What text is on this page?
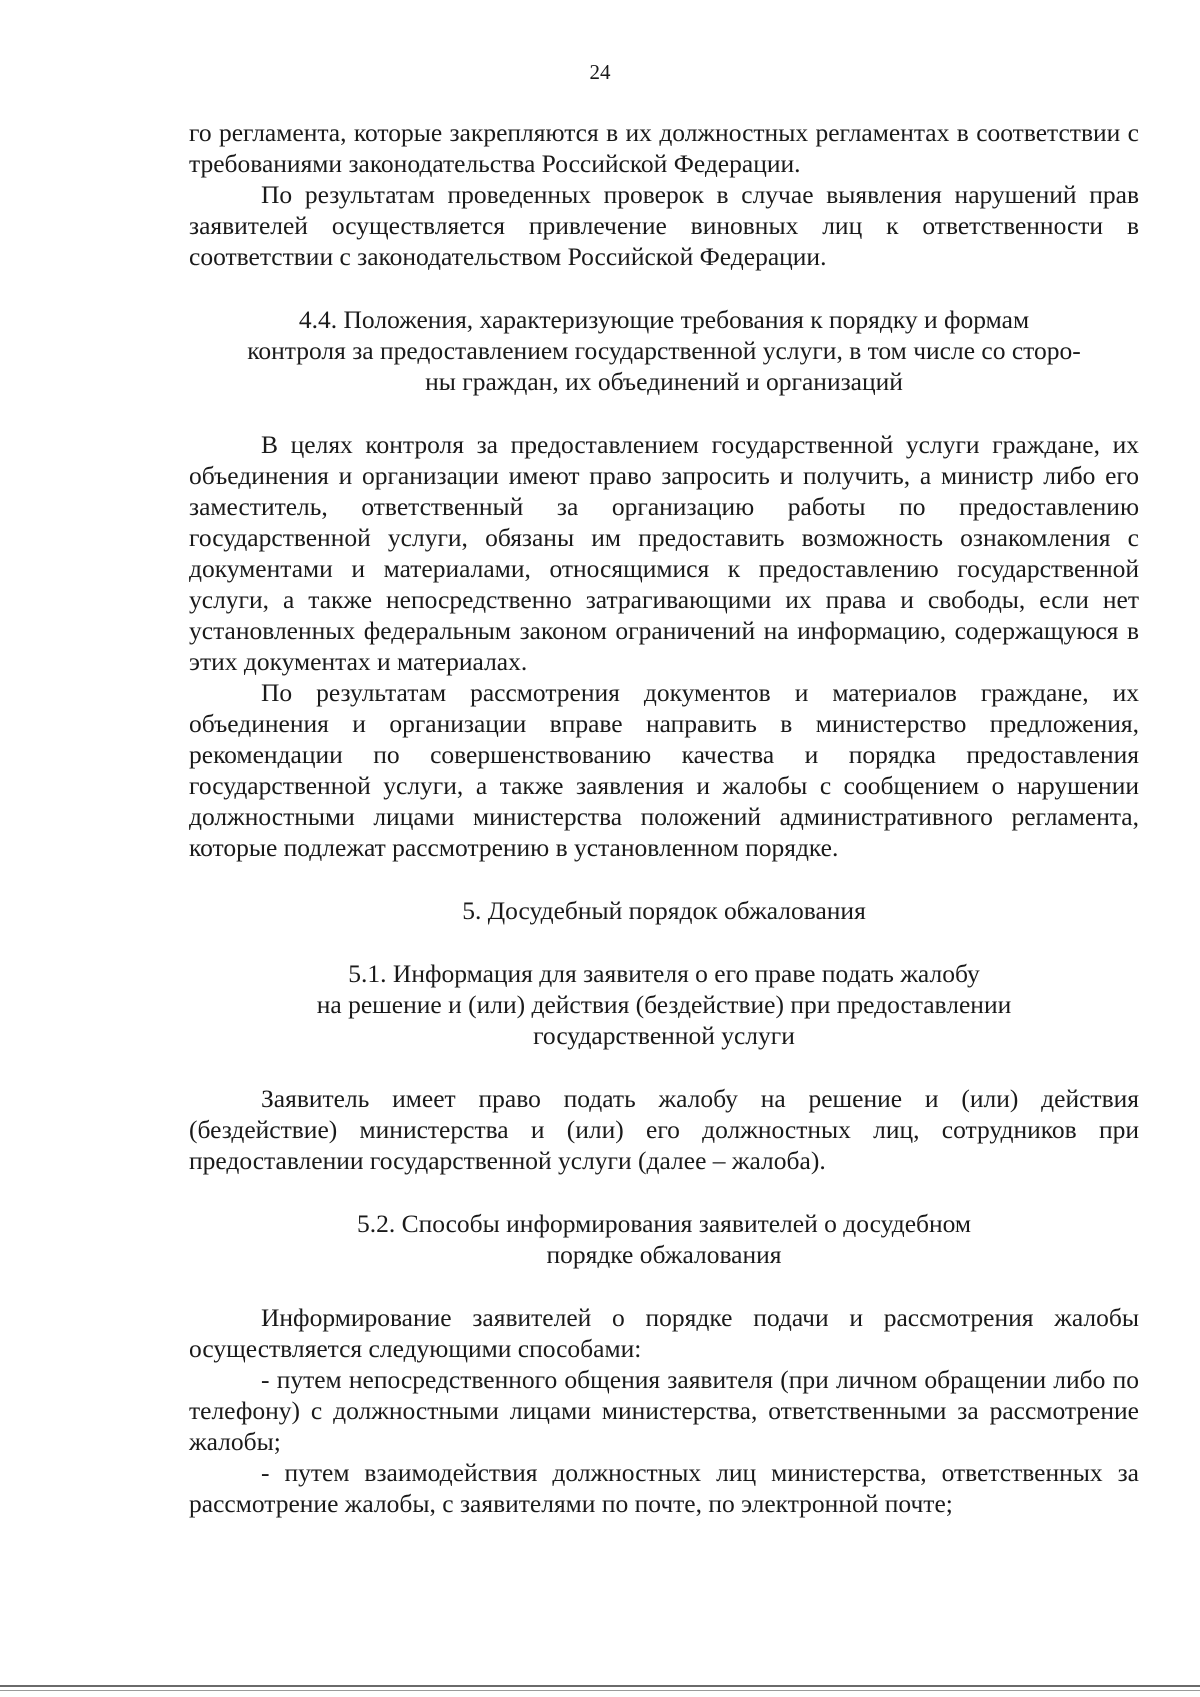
24

го регламента, которые закрепляются в их должностных регламентах в соответствии с требованиями законодательства Российской Федерации.

По результатам проведенных проверок в случае выявления нарушений прав заявителей осуществляется привлечение виновных лиц к ответственности в соответствии с законодательством Российской Федерации.

4.4. Положения, характеризующие требования к порядку и формам
контроля за предоставлением государственной услуги, в том числе со сторо-
ны граждан, их объединений и организаций

В целях контроля за предоставлением государственной услуги граждане, их объединения и организации имеют право запросить и получить, а министр либо его заместитель, ответственный за организацию работы по предоставлению государственной услуги, обязаны им предоставить возможность ознакомления с документами и материалами, относящимися к предоставлению государственной услуги, а также непосредственно затрагивающими их права и свободы, если нет установленных федеральным законом ограничений на информацию, содержащуюся в этих документах и материалах.

По результатам рассмотрения документов и материалов граждане, их объединения и организации вправе направить в министерство предложения, рекомендации по совершенствованию качества и порядка предоставления государственной услуги, а также заявления и жалобы с сообщением о нарушении должностными лицами министерства положений административного регламента, которые подлежат рассмотрению в установленном порядке.

5. Досудебный порядок обжалования
5.1. Информация для заявителя о его праве подать жалобу
на решение и (или) действия (бездействие) при предоставлении
государственной услуги

Заявитель имеет право подать жалобу на решение и (или) действия (бездействие) министерства и (или) его должностных лиц, сотрудников при предоставлении государственной услуги (далее – жалоба).

5.2. Способы информирования заявителей о досудебном
порядке обжалования

Информирование заявителей о порядке подачи и рассмотрения жалобы осуществляется следующими способами:

- путем непосредственного общения заявителя (при личном обращении либо по телефону) с должностными лицами министерства, ответственными за рассмотрение жалобы;

- путем взаимодействия должностных лиц министерства, ответственных за рассмотрение жалобы, с заявителями по почте, по электронной почте;
